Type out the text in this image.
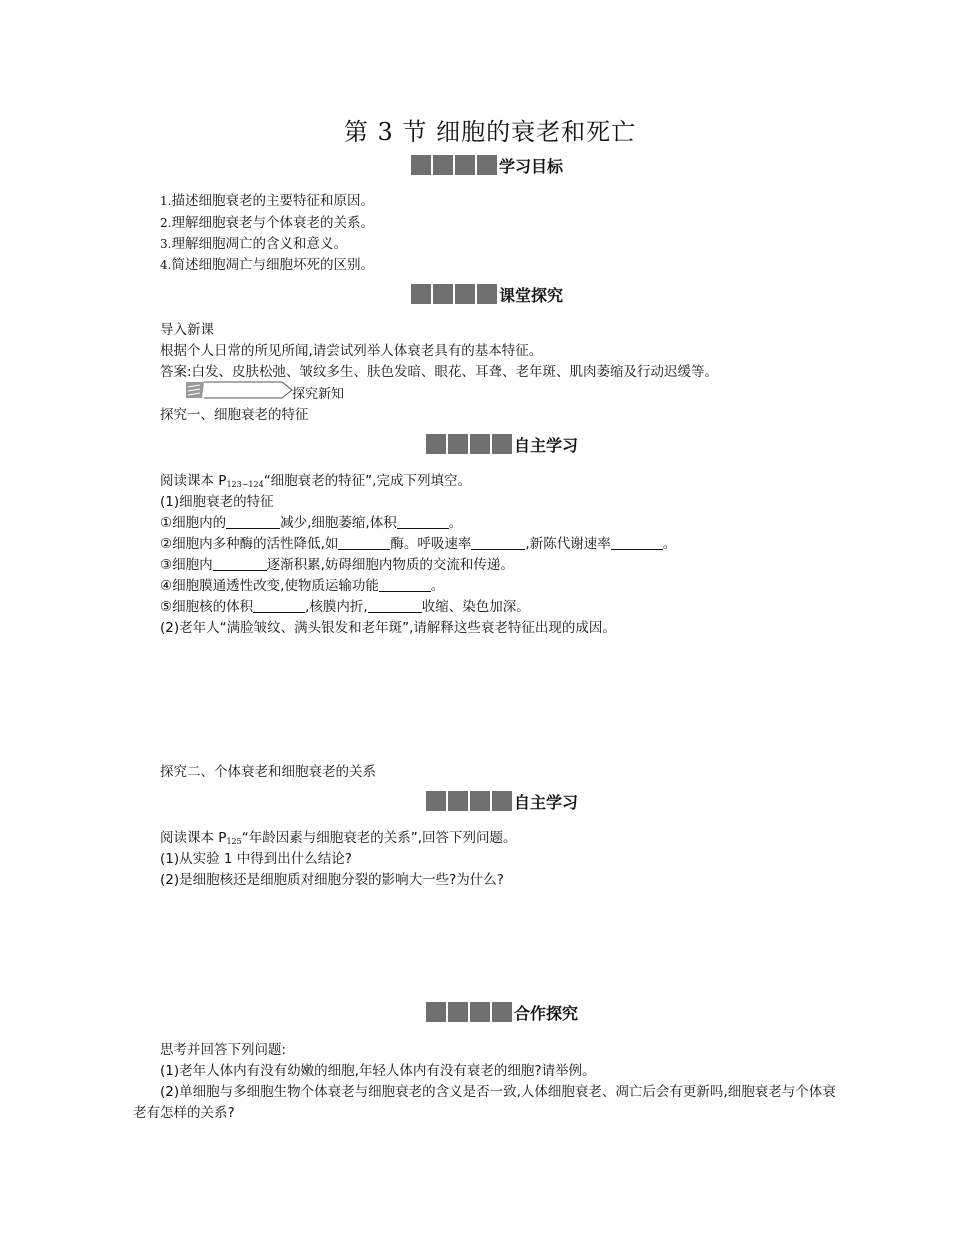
第 3 节 细胞的衰老和死亡
学习目标
1.描述细胞衰老的主要特征和原因。
2.理解细胞衰老与个体衰老的关系。
3.理解细胞凋亡的含义和意义。
4.简述细胞凋亡与细胞坏死的区别。
课堂探究
导入新课
根据个人日常的所见所闻,请尝试列举人体衰老具有的基本特征。
答案:白发、皮肤松弛、皱纹多生、肤色发暗、眼花、耳聋、老年斑、肌肉萎缩及行动迟缓等。
探究新知
探究一、细胞衰老的特征
自主学习
阅读课本 $P_{123\sim 124}“$细胞衰老的特征”,完成下列填空。
(1)细胞衰老的特征
①细胞内的	减少,细胞萎缩,体积	。
②细胞内多种酶的活性降低,如	酶。呼吸速率	,新陈代谢速率	。
③细胞内	逐渐积累,妨碍细胞内物质的交流和传递。
④细胞膜通透性改变,使物质运输功能	。
⑤细胞核的体积	,核膜内折,	收缩、染色加深。
(2)老年人“满脸皱纹、满头银发和老年斑”,请解释这些衰老特征出现的成因。
探究二、个体衰老和细胞衰老的关系
自主学习
阅读课本 $P_{125}“$年龄因素与细胞衰老的关系”,回答下列问题。
(1)从实验 1 中得到出什么结论?
(2)是细胞核还是细胞质对细胞分裂的影响大一些?为什么?
合作探究
思考并回答下列问题:
(1)老年人体内有没有幼嫩的细胞,年轻人体内有没有衰老的细胞?请举例。
(2)单细胞与多细胞生物个体衰老与细胞衰老的含义是否一致,人体细胞衰老、凋亡后会有更新吗,细胞衰老与个体衰
老有怎样的关系?
